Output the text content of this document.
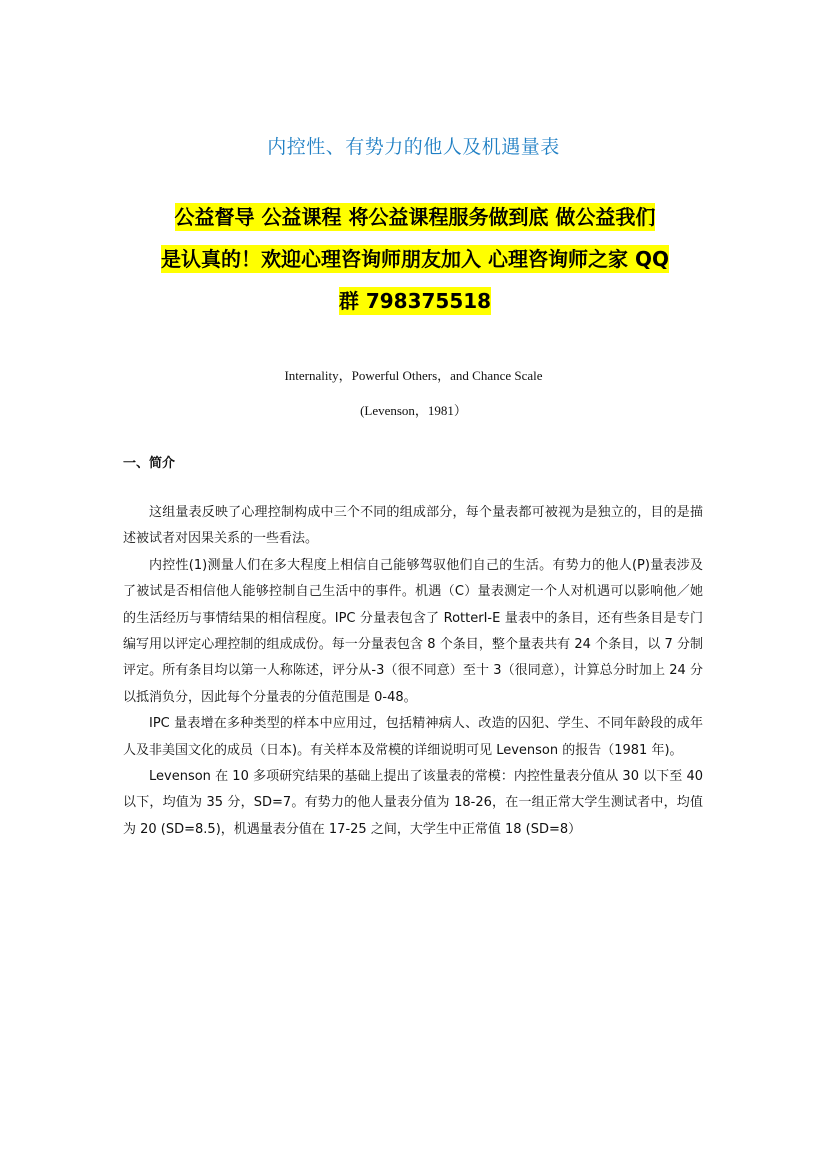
内控性、有势力的他人及机遇量表
公益督导 公益课程 将公益课程服务做到底 做公益我们
是认真的！欢迎心理咨询师朋友加入 心理咨询师之家 QQ
群 798375518
Internality，Powerful Others，and Chance Scale
(Levenson，1981）
一、简介

这组量表反映了心理控制构成中三个不同的组成部分，每个量表都可被视为是独立的，目的是描述被试者对因果关系的一些看法。

内控性(1)测量人们在多大程度上相信自己能够驾驭他们自己的生活。有势力的他人(P)量表涉及了被试是否相信他人能够控制自己生活中的事件。机遇（C）量表测定一个人对机遇可以影响他／她的生活经历与事情结果的相信程度。IPC 分量表包含了 RotterI-E 量表中的条目，还有些条目是专门编写用以评定心理控制的组成成份。每一分量表包含 8 个条目，整个量表共有 24 个条目，以 7 分制评定。所有条目均以第一人称陈述，评分从-3（很不同意）至十 3（很同意），计算总分时加上 24 分以抵消负分，因此每个分量表的分值范围是 0-48。

IPC 量表增在多种类型的样本中应用过，包括精神病人、改造的囚犯、学生、不同年龄段的成年人及非美国文化的成员（日本)。有关样本及常模的详细说明可见 Levenson 的报告（1981 年)。

Levenson 在 10 多项研究结果的基础上提出了该量表的常模：内控性量表分值从 30 以下至 40 以下，均值为 35 分，SD=7。有势力的他人量表分值为 18-26，在一组正常大学生测试者中，均值为 20 (SD=8.5)，机遇量表分值在 17-25 之间，大学生中正常值 18 (SD=8）
